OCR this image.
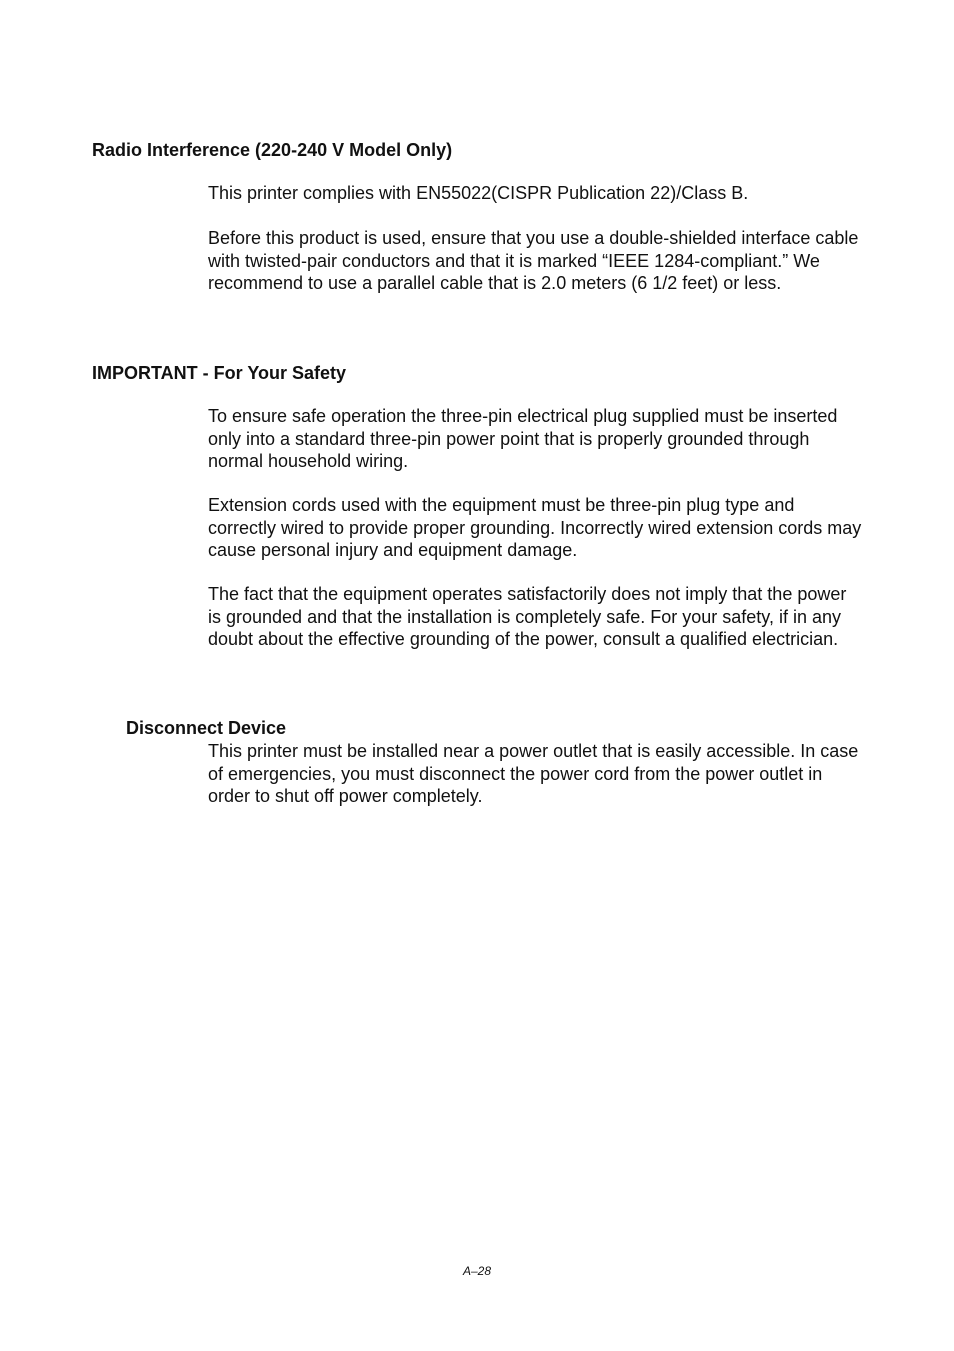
Radio Interference (220-240 V Model Only)

This printer complies with EN55022(CISPR Publication 22)/Class B.

Before this product is used, ensure that you use a double-shielded interface cable with twisted-pair conductors and that it is marked “IEEE 1284-compliant.” We recommend to use a parallel cable that is 2.0 meters (6 1/2 feet) or less.

IMPORTANT - For Your Safety

To ensure safe operation the three-pin electrical plug supplied must be inserted only into a standard three-pin power point that is properly grounded through normal household wiring.

Extension cords used with the equipment must be three-pin plug type and correctly wired to provide proper grounding. Incorrectly wired extension cords may cause personal injury and equipment damage.

The fact that the equipment operates satisfactorily does not imply that the power is grounded and that the installation is completely safe. For your safety, if in any doubt about the effective grounding of the power, consult a qualified electrician.

Disconnect Device

This printer must be installed near a power outlet that is easily accessible. In case of emergencies, you must disconnect the power cord from the power outlet in order to shut off power completely.

A–28
